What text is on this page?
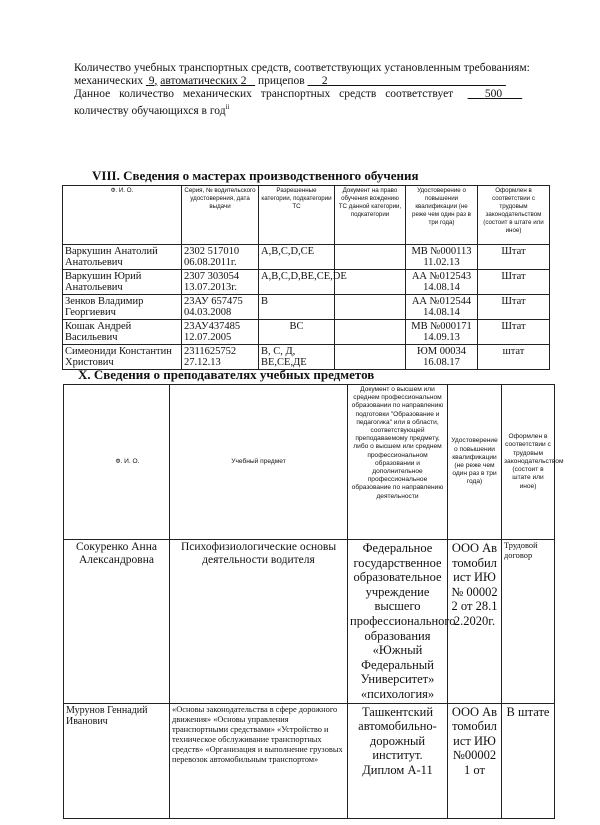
Количество учебных транспортных средств, соответствующих установленным требованиям:
механических 9, автоматических 2 прицепов 2
Данное количество механических транспортных средств соответствует	500
количеству обучающихся в год$^{ii}$
VIII. Сведения о мастерах производственного обучения
Ф. И. О.	Серия, № водительского удостоверения, дата выдачи	Разрешенные категории, подкатегории ТС	Документ на право обучения вождению ТС данной категории, подкатегории	Удостоверение о повышении квалификации (не реже чем один раз в три года)	Оформлен в соответствии с трудовым законодательством (состоит в штате или иное)
Варкушин Анатолий Анатольевич	2302 517010 06.08.2011г.	A,B,C,D,CE		МВ №000113 11.02.13	Штат
Варкушин Юрий Анатольевич	2307 303054 13.07.2013г.	A,B,C,D,BE,CE,DE		АА №012543 14.08.14	Штат
Зенков Владимир Георгиевич	23АУ 657475 04.03.2008	B		АА №012544 14.08.14	Штат
Кошак Андрей Васильевич	23АУ437485 12.07.2005	BC		МВ №000171 14.09.13	Штат
Симеониди Константин Христович	2311625752 27.12.13	В, С, Д, ВЕ,СЕ,ДЕ		ЮМ 00034 16.08.17	штат
X. Сведения о преподавателях учебных предметов
Ф. И. О.	Учебный предмет	Документ о высшем или среднем профессиональном образовании по направлению подготовки "Образование и педагогика" или в области, соответствующей преподаваемому предмету, либо о высшем или среднем профессиональном образовании и дополнительное профессиональное образование по направлению деятельности	Удостоверение о повышении квалификации (не реже чем один раз в три года)	Оформлен в соответствии с трудовым законодательством (состоит в штате или иное)
Сокуренко Анна Александровна	Психофизиологические основы деятельности водителя	Федеральное государственное образовательное учреждение высшего профессионального образования «Южный Федеральный Университет» «психология»	ООО Автомобилист ИЮ № 000022 от 28.12.2020г.	Трудовой договор
Мурунов Геннадий Иванович	«Основы законодательства в сфере дорожного движения» «Основы управления транспортными средствами» «Устройство и техническое обслуживание транспортных средств» «Организация и выполнение грузовых перевозок автомобильным транспортом»	Ташкентский автомобильно-дорожный институт. Диплом А-11	ООО Автомобилист ИЮ№000021 от	В штате
